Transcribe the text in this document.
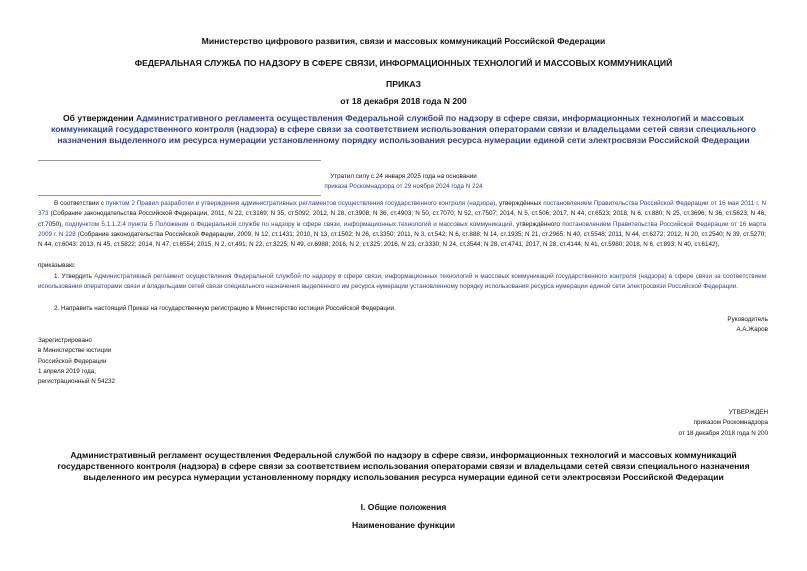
Министерство цифрового развития, связи и массовых коммуникаций Российской Федерации
ФЕДЕРАЛЬНАЯ СЛУЖБА ПО НАДЗОРУ В СФЕРЕ СВЯЗИ, ИНФОРМАЦИОННЫХ ТЕХНОЛОГИЙ И МАССОВЫХ КОММУНИКАЦИЙ
ПРИКАЗ
от 18 декабря 2018 года N 200
Об утверждении Административного регламента осуществления Федеральной службой по надзору в сфере связи, информационных технологий и массовых коммуникаций государственного контроля (надзора) в сфере связи за соответствием использования операторами связи и владельцами сетей связи специального назначения выделенного им ресурса нумерации установленному порядку использования ресурса нумерации единой сети электросвязи Российской Федерации
Утратил силу с 24 января 2025 года на основании
приказа Роскомнадзора от 29 ноября 2024 года N 224
В соответствии с пунктом 2 Правил разработки и утверждения административных регламентов осуществления государственного контроля (надзора), утверждённых постановлением Правительства Российской Федерации от 16 мая 2011 г. N 373 (Собрание законодательства Российской Федерации, 2011, N 22, ст.3169; N 35, ст.5092; 2012, N 28, ст.3908; N 36, ст.4903; N 50, ст.7070; N 52, ст.7507; 2014, N 5, ст.506; 2017, N 44, ст.6523; 2018, N 6, ст.880; N 25, ст.3696; N 36, ст.5623; N 46, ст.7050), подпунктом 5.1.1.2.4 пункта 5 Положения о Федеральной службе по надзору в сфере связи, информационных технологий и массовых коммуникаций, утверждённого постановлением Правительства Российской Федерации от 16 марта 2009 г. N 228 (Собрание законодательства Российской Федерации, 2009, N 12, ст.1431; 2010, N 13, ст.1502; N 26, ст.3350; 2011, N 3, ст.542; N 6, ст.888; N 14, ст.1935; N 21, ст.2965; N 40, ст.5548; 2011, N 44, ст.6272; 2012, N 20, ст.2540; N 39, ст.5270; N 44, ст.6043; 2013, N 45, ст.5822; 2014, N 47, ст.6554; 2015, N 2, ст.491; N 22, ст.3225; N 49, ст.6988; 2016, N 2, ст.325; 2016, N 23, ст.3330; N 24, ст.3544; N 28, ст.4741; 2017, N 28, ст.4144; N 41, ст.5980; 2018, N 6, ст.893; N 40, ст.6142),
приказываю:
1. Утвердить Административный регламент осуществления Федеральной службой по надзору в сфере связи, информационных технологий и массовых коммуникаций государственного контроля (надзора) в сфере связи за соответствием использования операторами связи и владельцами сетей связи специального назначения выделенного им ресурса нумерации установленному порядку использования ресурса нумерации единой сети электросвязи Российской Федерации.
2. Направить настоящий Приказ на государственную регистрацию в Министерство юстиции Российской Федерации.
Руководитель
А.А.Жаров
Зарегистрировано
в Министерстве юстиции
Российской Федерации
1 апреля 2019 года,
регистрационный N 54232
УТВЕРЖДЕН
приказом Роскомнадзора
от 18 декабря 2018 года N 200
Административный регламент осуществления Федеральной службой по надзору в сфере связи, информационных технологий и массовых коммуникаций государственного контроля (надзора) в сфере связи за соответствием использования операторами связи и владельцами сетей связи специального назначения выделенного им ресурса нумерации установленному порядку использования ресурса нумерации единой сети электросвязи Российской Федерации
I. Общие положения
Наименование функции
